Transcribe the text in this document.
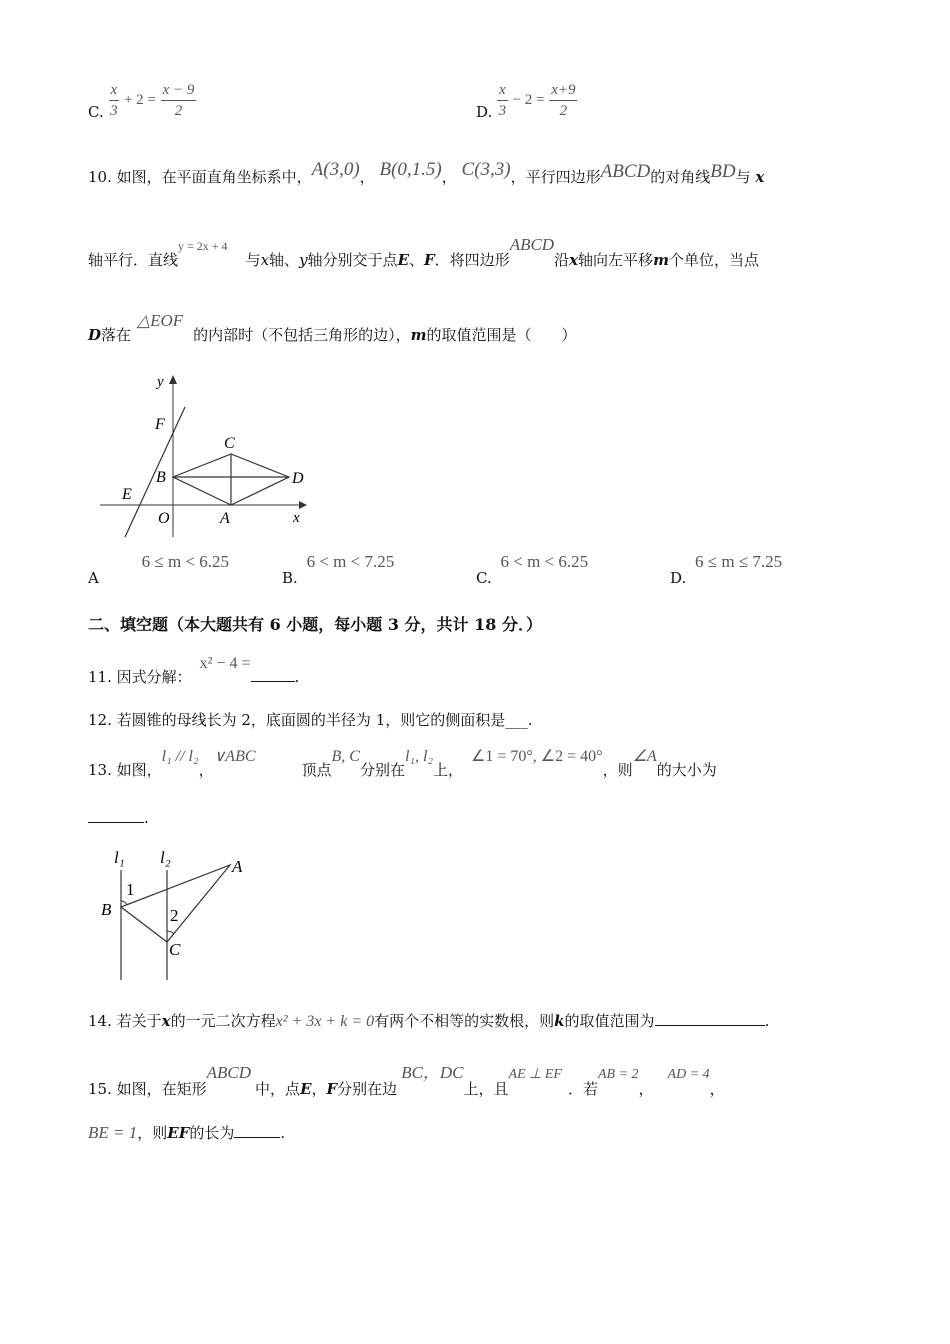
C. $\frac{x}{3} + 2 = \frac{x - 9}{2}$	D. $\frac{x}{3} - 2 = \frac{x+9}{2}$
10. 如图，在平面直角坐标系中，A(3,0)， B(0,1.5)， C(3,3)，平行四边形ABCD的对角线BD与 x
轴平行．直线$^{y = 2x + 4}$与x轴、y轴分别交于点E、F．将四边形ABCD沿x轴向左平移m个单位，当点
D落在△EOF的内部时（不包括三角形的边），m的取值范围是（　　）
y
x
F
C
B	D
E
O	A
A 6 ≤ m < 6.25
B. 6 < m < 7.25
C. 6 < m < 6.25
D. 6 ≤ m ≤ 7.25
二、填空题（本大题共有 6 小题，每小题 3 分，共计 18 分．）
11. 因式分解：x² − 4 =.
12. 若圆锥的母线长为 2，底面圆的半径为 1，则它的侧面积是___.
13. 如图，l₁ // l₂，∨ABC顶点B, C分别在l₁, l₂上，∠1 = 70°, ∠2 = 40°，则∠A的大小为
.
l₁ l₂	A
B
C
1
2
14. 若关于x的一元二次方程x² + 3x + k = 0有两个不相等的实数根，则k的取值范围为	.
15. 如图，在矩形ABCD中，点E，F分别在边BC，DC上，且AE ⊥ EF．若AB = 2，AD = 4，
BE = 1，则EF的长为	.
